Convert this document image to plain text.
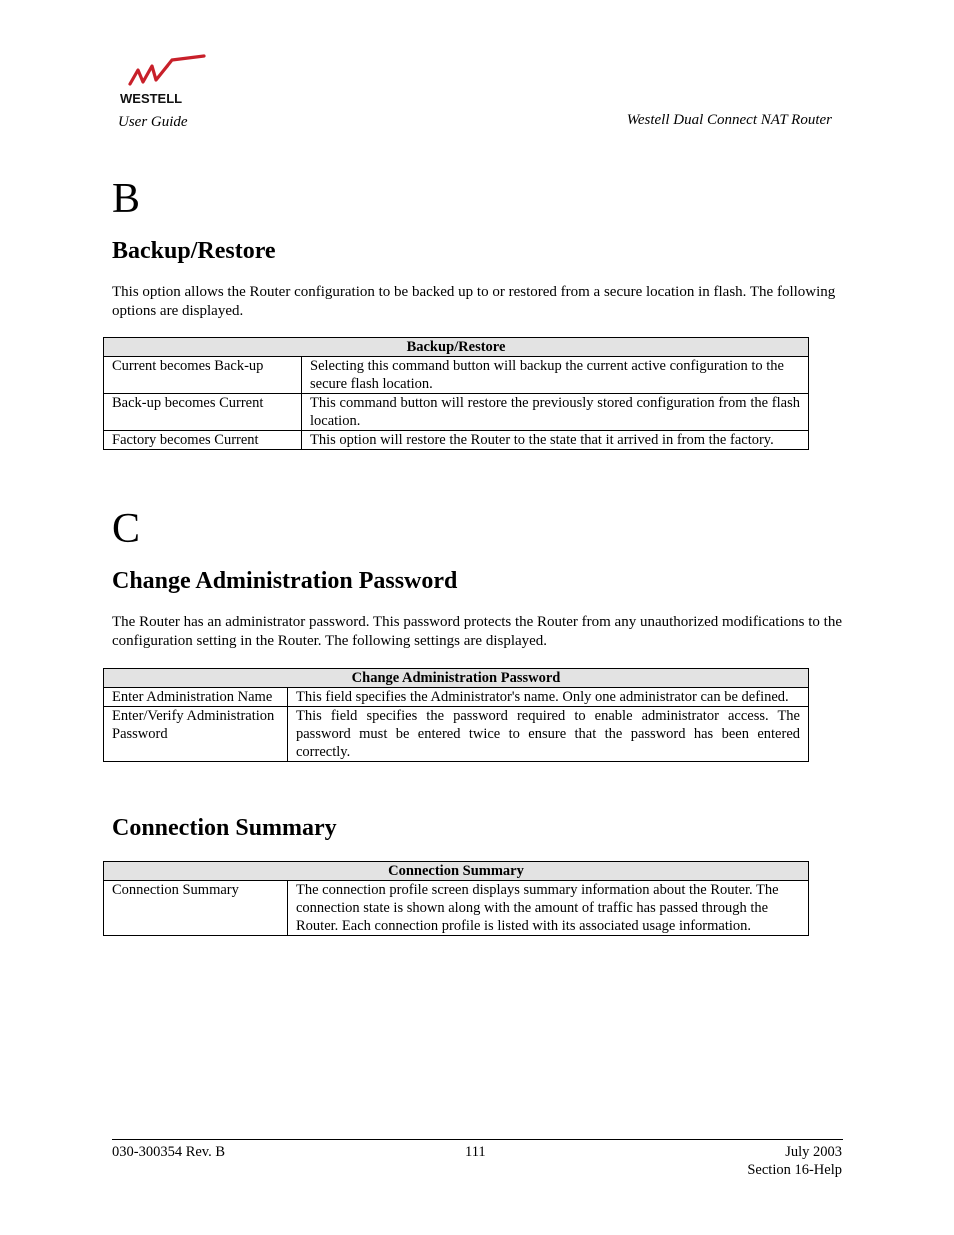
WESTELL
User Guide	Westell Dual Connect NAT Router
B
Backup/Restore
This option allows the Router configuration to be backed up to or restored from a secure location in flash. The following options are displayed.
Backup/Restore	
Current becomes Back-up	Selecting this command button will backup the current active configuration to the secure flash location.
Back-up becomes Current	This command button will restore the previously stored configuration from the flash location.
Factory becomes Current	This option will restore the Router to the state that it arrived in from the factory.
C
Change Administration Password
The Router has an administrator password. This password protects the Router from any unauthorized modifications to the configuration setting in the Router. The following settings are displayed.
Change Administration Password	
Enter Administration Name	This field specifies the Administrator's name. Only one administrator can be defined.
Enter/Verify Administration Password	This field specifies the password required to enable administrator access. The password must be entered twice to ensure that the password has been entered correctly.
Connection Summary
Connection Summary
Connection Summary	The connection profile screen displays summary information about the Router. The connection state is shown along with the amount of traffic has passed through the Router. Each connection profile is listed with its associated usage information.
030-300354 Rev. B	111	July 2003
Section 16-Help
